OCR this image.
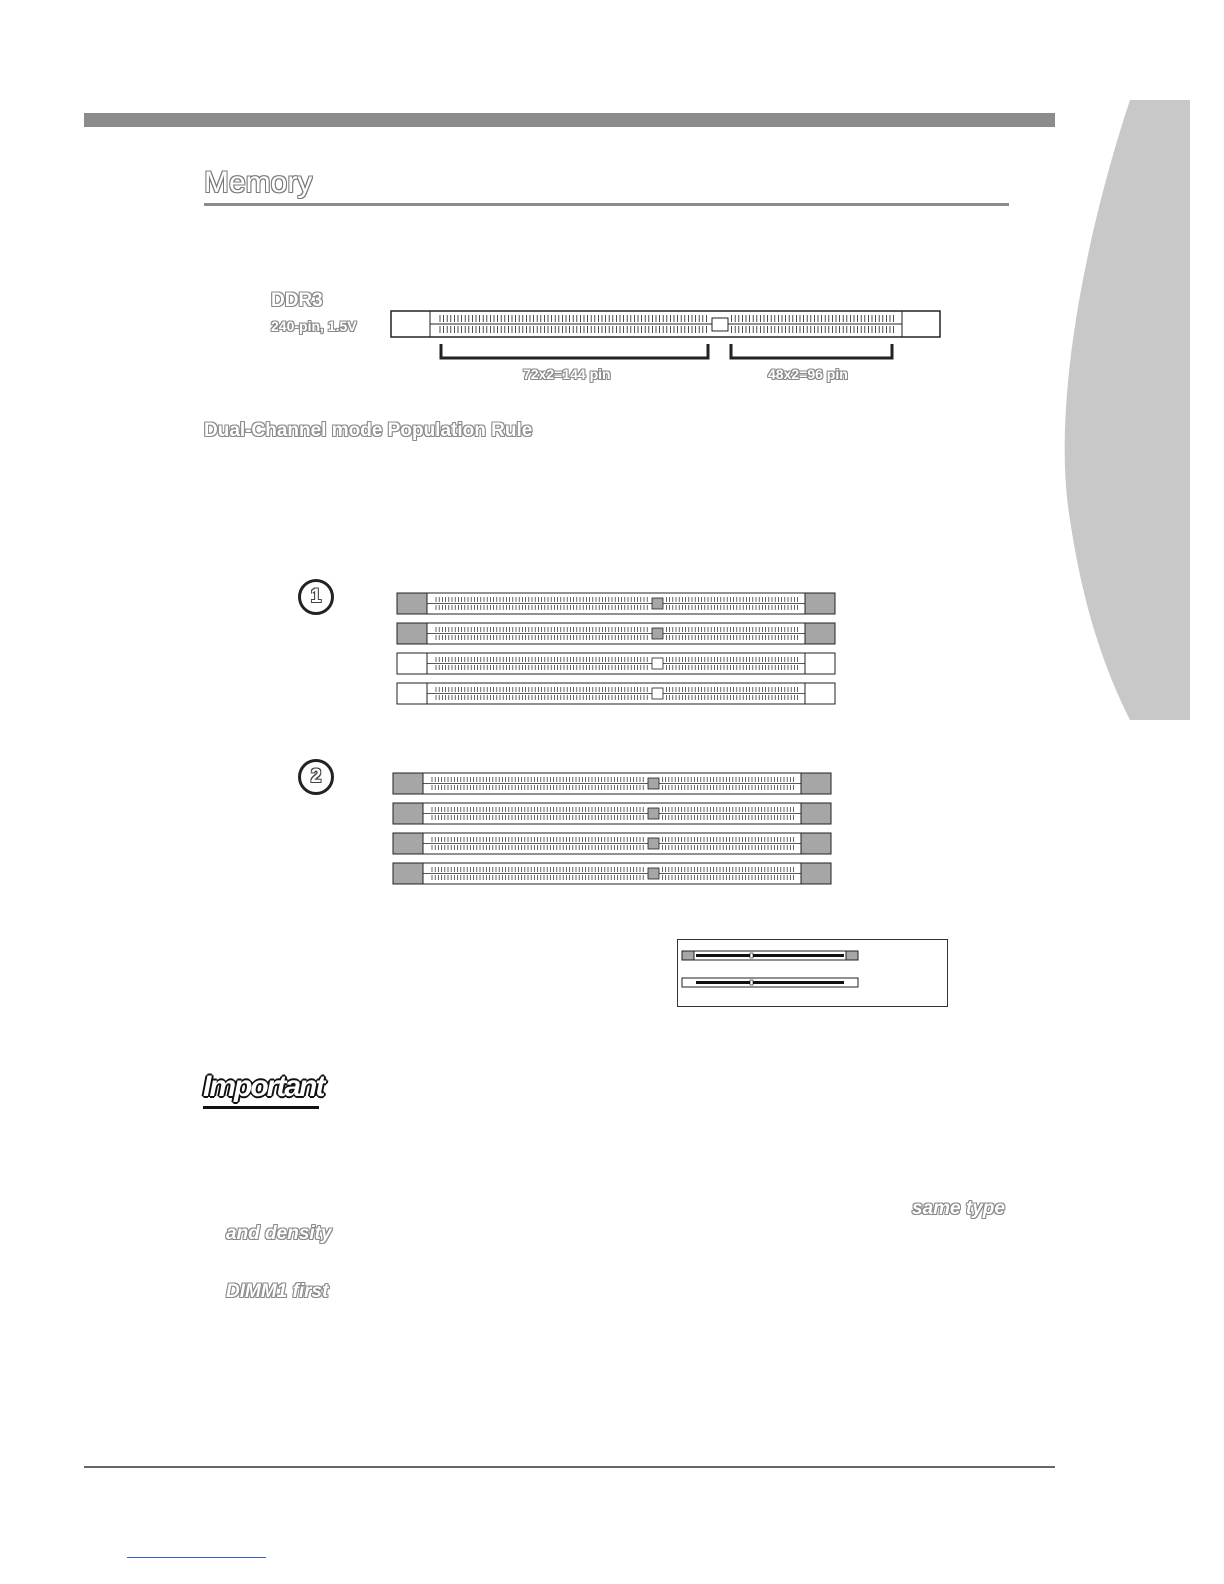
Memory
DDR3
240-pin, 1.5V
72x2=144 pin	48x2=96 pin
Dual-Channel mode Population Rule
1
2
Important
same type
and density
DIMM1 first
